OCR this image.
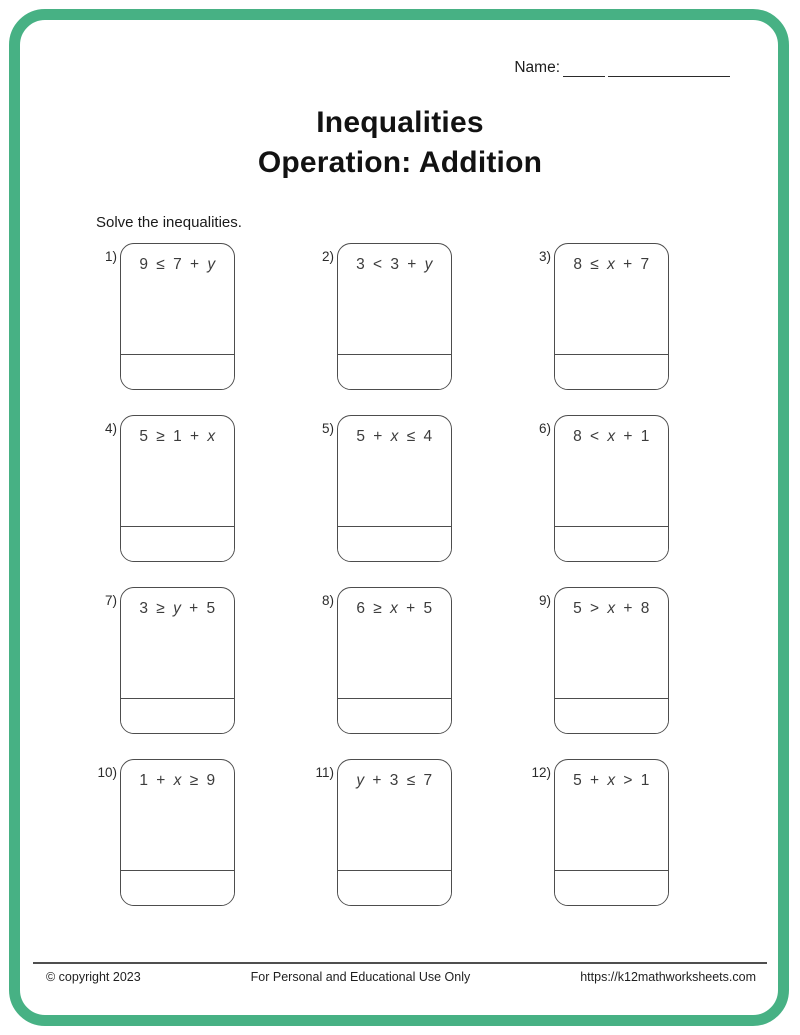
Name:
Inequalities
Operation: Addition
Solve the inequalities.
1)	9 ≤ 7 + y	2)	3 < 3 + y	3)	8 ≤ x + 7
4)	5 ≥ 1 + x	5)	5 + x ≤ 4	6)	8 < x + 1
7)	3 ≥ y + 5	8)	6 ≥ x + 5	9)	5 > x + 8
10)	1 + x ≥ 9	11)	y + 3 ≤ 7	12)	5 + x > 1
© copyright 2023	For Personal and Educational Use Only	https://k12mathworksheets.com
